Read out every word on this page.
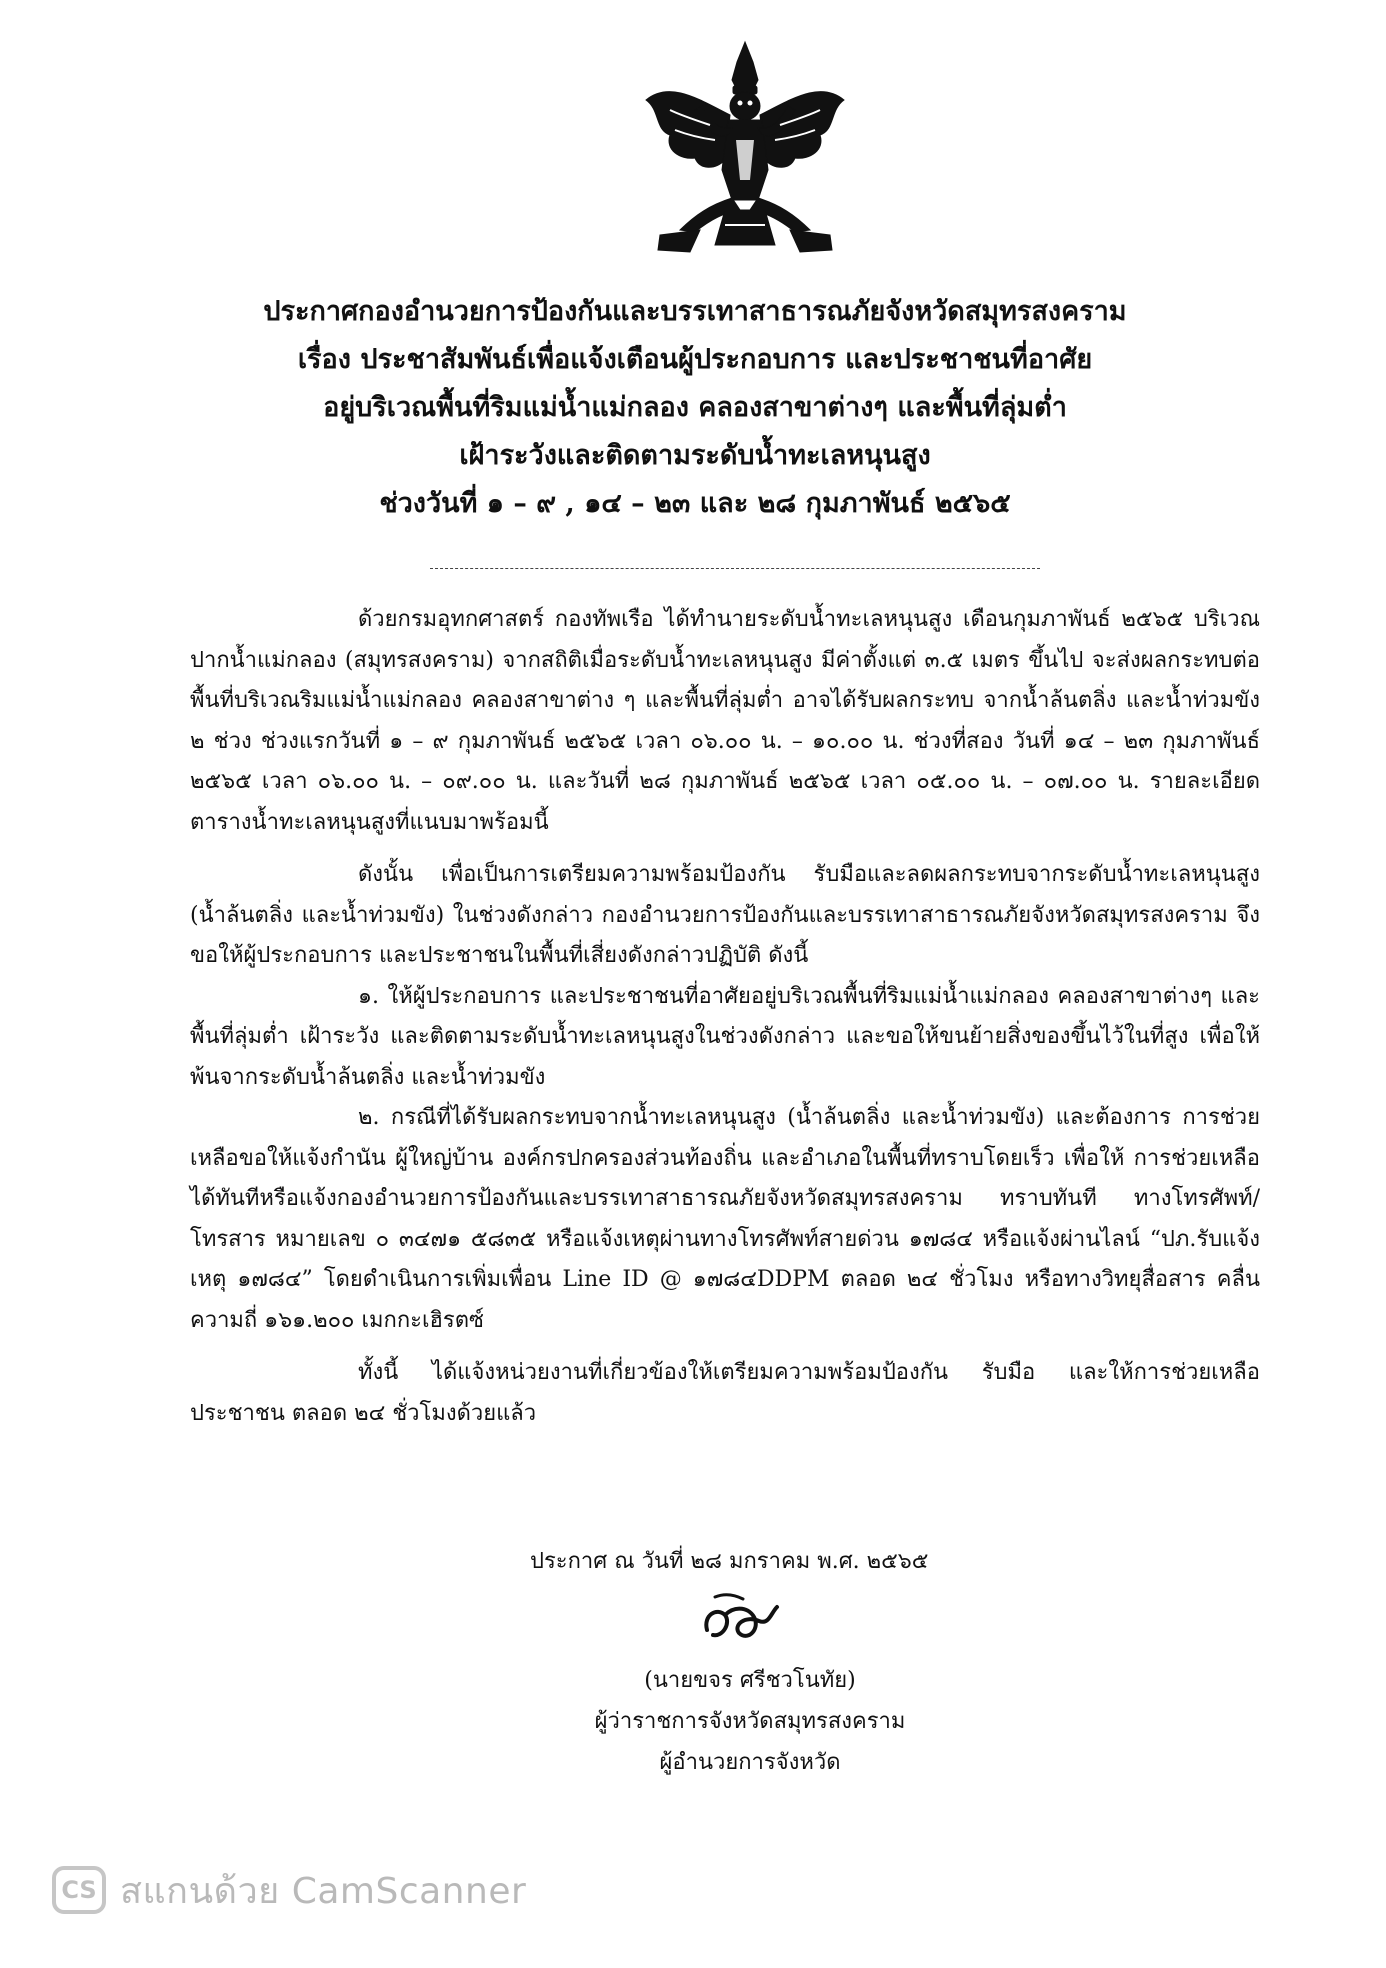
ประกาศกองอำนวยการป้องกันและบรรเทาสาธารณภัยจังหวัดสมุทรสงคราม
เรื่อง ประชาสัมพันธ์เพื่อแจ้งเตือนผู้ประกอบการ และประชาชนที่อาศัย
อยู่บริเวณพื้นที่ริมแม่น้ำแม่กลอง คลองสาขาต่างๆ และพื้นที่ลุ่มต่ำ
เฝ้าระวังและติดตามระดับน้ำทะเลหนุนสูง
ช่วงวันที่ ๑ – ๙ , ๑๔ – ๒๓ และ ๒๘ กุมภาพันธ์ ๒๕๖๕

ด้วยกรมอุทกศาสตร์ กองทัพเรือ ได้ทำนายระดับน้ำทะเลหนุนสูง เดือนกุมภาพันธ์ ๒๕๖๕ บริเวณปากน้ำแม่กลอง (สมุทรสงคราม) จากสถิติเมื่อระดับน้ำทะเลหนุนสูง มีค่าตั้งแต่ ๓.๕ เมตร ขึ้นไป จะส่งผลกระทบต่อพื้นที่บริเวณริมแม่น้ำแม่กลอง คลองสาขาต่าง ๆ และพื้นที่ลุ่มต่ำ อาจได้รับผลกระทบ จากน้ำล้นตลิ่ง และน้ำท่วมขัง ๒ ช่วง ช่วงแรกวันที่ ๑ – ๙ กุมภาพันธ์ ๒๕๖๕ เวลา ๐๖.๐๐ น. – ๑๐.๐๐ น. ช่วงที่สอง วันที่ ๑๔ – ๒๓ กุมภาพันธ์ ๒๕๖๕ เวลา ๐๖.๐๐ น. – ๐๙.๐๐ น. และวันที่ ๒๘ กุมภาพันธ์ ๒๕๖๕ เวลา ๐๕.๐๐ น. – ๐๗.๐๐ น. รายละเอียดตารางน้ำทะเลหนุนสูงที่แนบมาพร้อมนี้

ดังนั้น เพื่อเป็นการเตรียมความพร้อมป้องกัน รับมือและลดผลกระทบจากระดับน้ำทะเลหนุนสูง (น้ำล้นตลิ่ง และน้ำท่วมขัง) ในช่วงดังกล่าว กองอำนวยการป้องกันและบรรเทาสาธารณภัยจังหวัดสมุทรสงคราม จึงขอให้ผู้ประกอบการ และประชาชนในพื้นที่เสี่ยงดังกล่าวปฏิบัติ ดังนี้

๑. ให้ผู้ประกอบการ และประชาชนที่อาศัยอยู่บริเวณพื้นที่ริมแม่น้ำแม่กลอง คลองสาขาต่างๆ และพื้นที่ลุ่มต่ำ เฝ้าระวัง และติดตามระดับน้ำทะเลหนุนสูงในช่วงดังกล่าว และขอให้ขนย้ายสิ่งของขึ้นไว้ในที่สูง เพื่อให้พ้นจากระดับน้ำล้นตลิ่ง และน้ำท่วมขัง

๒. กรณีที่ได้รับผลกระทบจากน้ำทะเลหนุนสูง (น้ำล้นตลิ่ง และน้ำท่วมขัง) และต้องการ การช่วยเหลือขอให้แจ้งกำนัน ผู้ใหญ่บ้าน องค์กรปกครองส่วนท้องถิ่น และอำเภอในพื้นที่ทราบโดยเร็ว เพื่อให้ การช่วยเหลือได้ทันทีหรือแจ้งกองอำนวยการป้องกันและบรรเทาสาธารณภัยจังหวัดสมุทรสงคราม ทราบทันที ทางโทรศัพท์/โทรสาร หมายเลข ๐ ๓๔๗๑ ๕๘๓๕ หรือแจ้งเหตุผ่านทางโทรศัพท์สายด่วน ๑๗๘๔ หรือแจ้งผ่านไลน์ “ปภ.รับแจ้งเหตุ ๑๗๘๔” โดยดำเนินการเพิ่มเพื่อน Line ID @ ๑๗๘๔DDPM ตลอด ๒๔ ชั่วโมง หรือทางวิทยุสื่อสาร คลื่นความถี่ ๑๖๑.๒๐๐ เมกกะเฮิรตซ์

ทั้งนี้ ได้แจ้งหน่วยงานที่เกี่ยวข้องให้เตรียมความพร้อมป้องกัน รับมือ และให้การช่วยเหลือ ประชาชน ตลอด ๒๔ ชั่วโมงด้วยแล้ว

ประกาศ ณ วันที่ ๒๘ มกราคม พ.ศ. ๒๕๖๕
(นายขจร ศรีชวโนทัย)
ผู้ว่าราชการจังหวัดสมุทรสงคราม
ผู้อำนวยการจังหวัด
CS สแกนด้วย CamScanner
